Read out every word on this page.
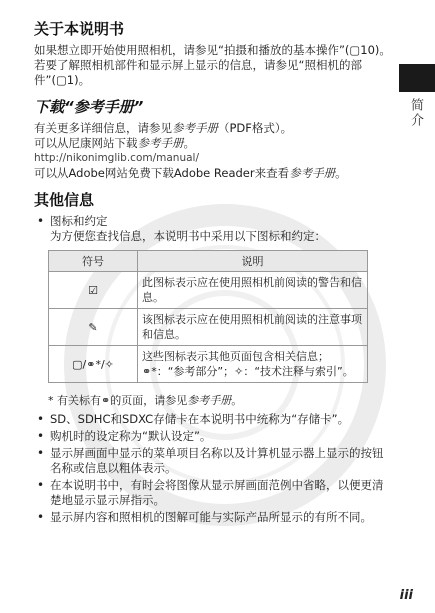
简介
关于本说明书

如果想立即开始使用照相机，请参见“拍摄和播放的基本操作”(▢10)。

若要了解照相机部件和显示屏上显示的信息，请参见“照相机的部件”(▢1)。

下载“参考手册”

有关更多详细信息，请参见参考手册（PDF格式）。

可以从尼康网站下载参考手册。

http://nikonimglib.com/manual/

可以从Adobe网站免费下载Adobe Reader来查看参考手册。

其他信息
• 图标和约定
为方便您查找信息，本说明书中采用以下图标和约定：
符号	说明
☑	此图标表示应在使用照相机前阅读的警告和信息。
✎	该图标表示应在使用照相机前阅读的注意事项和信息。
▢/⚭*/✧	这些图标表示其他页面包含相关信息；⚭*：“参考部分”；✧：“技术注释与索引”。

* 有关标有⚭的页面，请参见参考手册。

• SD、SDHC和SDXC存储卡在本说明书中统称为“存储卡”。
• 购机时的设定称为“默认设定”。
• 显示屏画面中显示的菜单项目名称以及计算机显示器上显示的按钮名称或信息以粗体表示。
• 在本说明书中，有时会将图像从显示屏画面范例中省略，以便更清楚地显示显示屏指示。
• 显示屏内容和照相机的图解可能与实际产品所显示的有所不同。
iii
